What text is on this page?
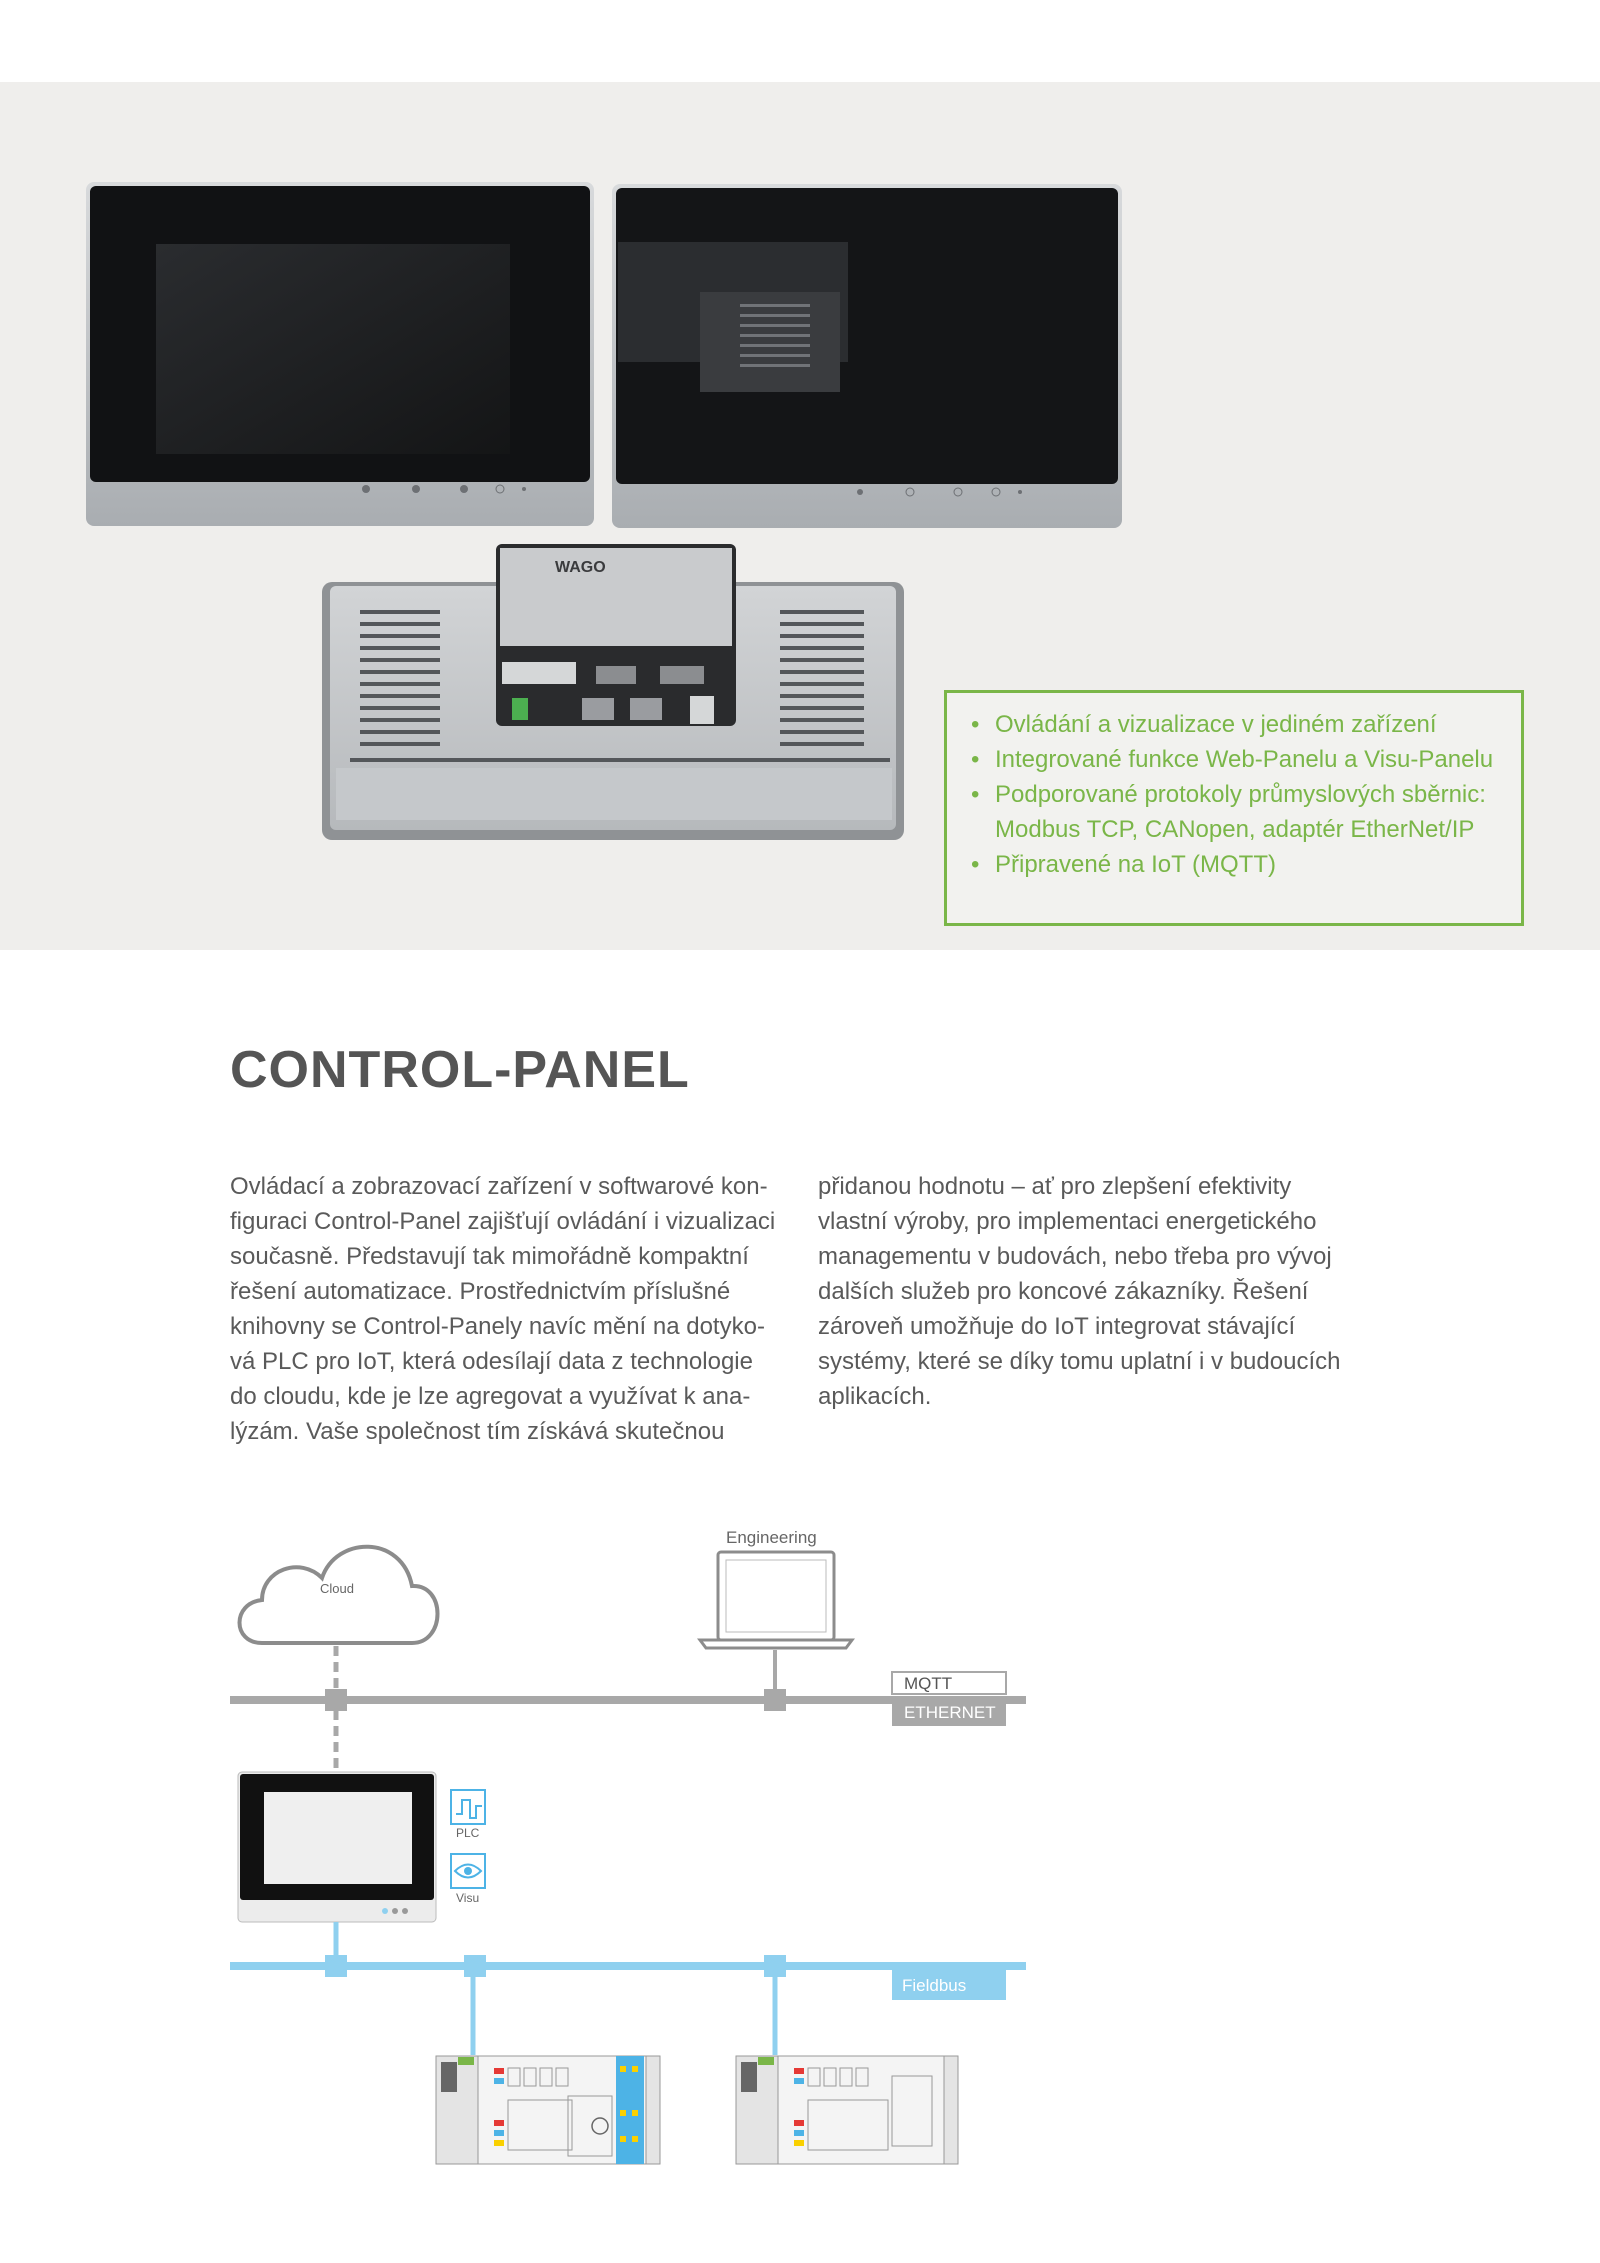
WAGO
• Ovládání a vizualizace v jediném zařízení
• Integrované funkce Web-Panelu a Visu-Panelu
• Podporované protokoly průmyslových sběrnic: Modbus TCP, CANopen, adaptér EtherNet/IP
• Připravené na IoT (MQTT)
CONTROL-PANEL
Ovládací a zobrazovací zařízení v softwarové kon-
figuraci Control-Panel zajišťují ovládání i vizualizaci
současně. Představují tak mimořádně kompaktní
řešení automatizace. Prostřednictvím příslušné
knihovny se Control-Panely navíc mění na dotyko-
vá PLC pro IoT, která odesílají data z technologie
do cloudu, kde je lze agregovat a využívat k ana-
lýzám. Vaše společnost tím získává skutečnou
přidanou hodnotu – ať pro zlepšení efektivity
vlastní výroby, pro implementaci energetického
managementu v budovách, nebo třeba pro vývoj
dalších služeb pro koncové zákazníky. Řešení
zároveň umožňuje do IoT integrovat stávající
systémy, které se díky tomu uplatní i v budoucích
aplikacích.
Cloud
MQTT
ETHERNET
Engineering
PLC
Visu
Fieldbus
